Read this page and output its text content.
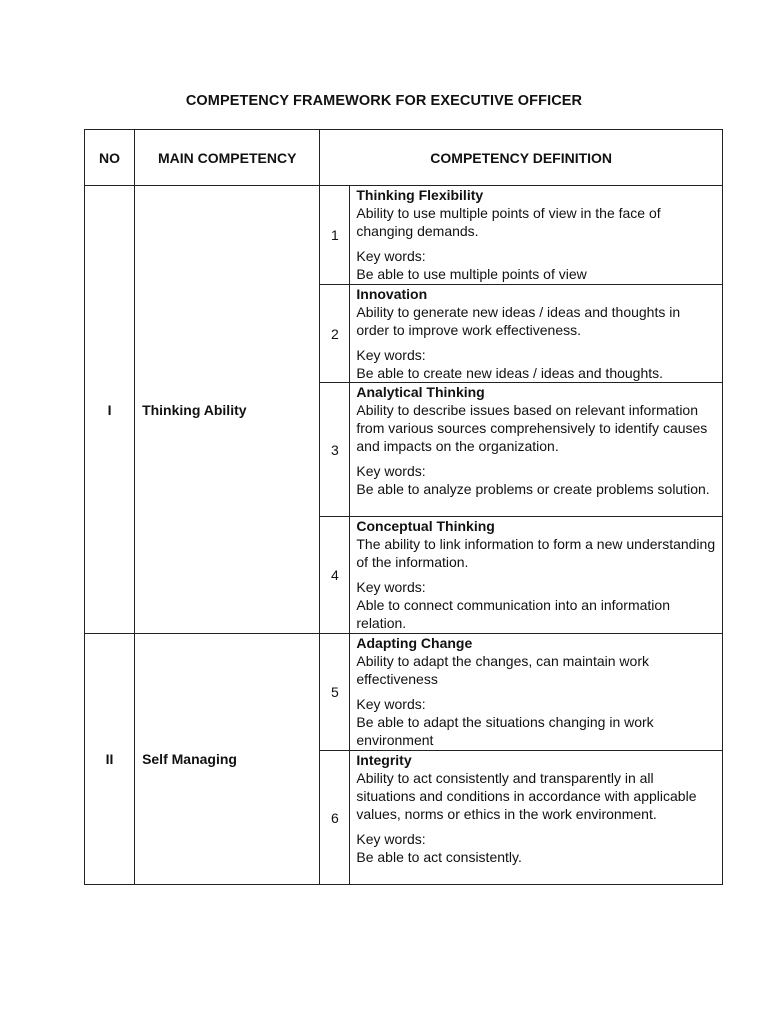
COMPETENCY FRAMEWORK FOR EXECUTIVE OFFICER
NO	MAIN COMPETENCY	COMPETENCY DEFINITION	
I	Thinking Ability	1	Thinking Flexibility
Ability to use multiple points of view in the face of changing demands.
Key words:
Be able to use multiple points of view

		2	Innovation
Ability to generate new ideas / ideas and thoughts in order to improve work effectiveness.
Key words:
Be able to create new ideas / ideas and thoughts.

		3	Analytical Thinking
Ability to describe issues based on relevant information from various sources comprehensively to identify causes and impacts on the organization.
Key words:
Be able to analyze problems or create problems solution.

		4	Conceptual Thinking
The ability to link information to form a new understanding of the information.
Key words:
Able to connect communication into an information relation.

II	Self Managing	5	Adapting Change
Ability to adapt the changes, can maintain work effectiveness
Key words:
Be able to adapt the situations changing in work environment

		6	Integrity
Ability to act consistently and transparently in all situations and conditions in accordance with applicable values, norms or ethics in the work environment.
Key words:
Be able to act consistently.
